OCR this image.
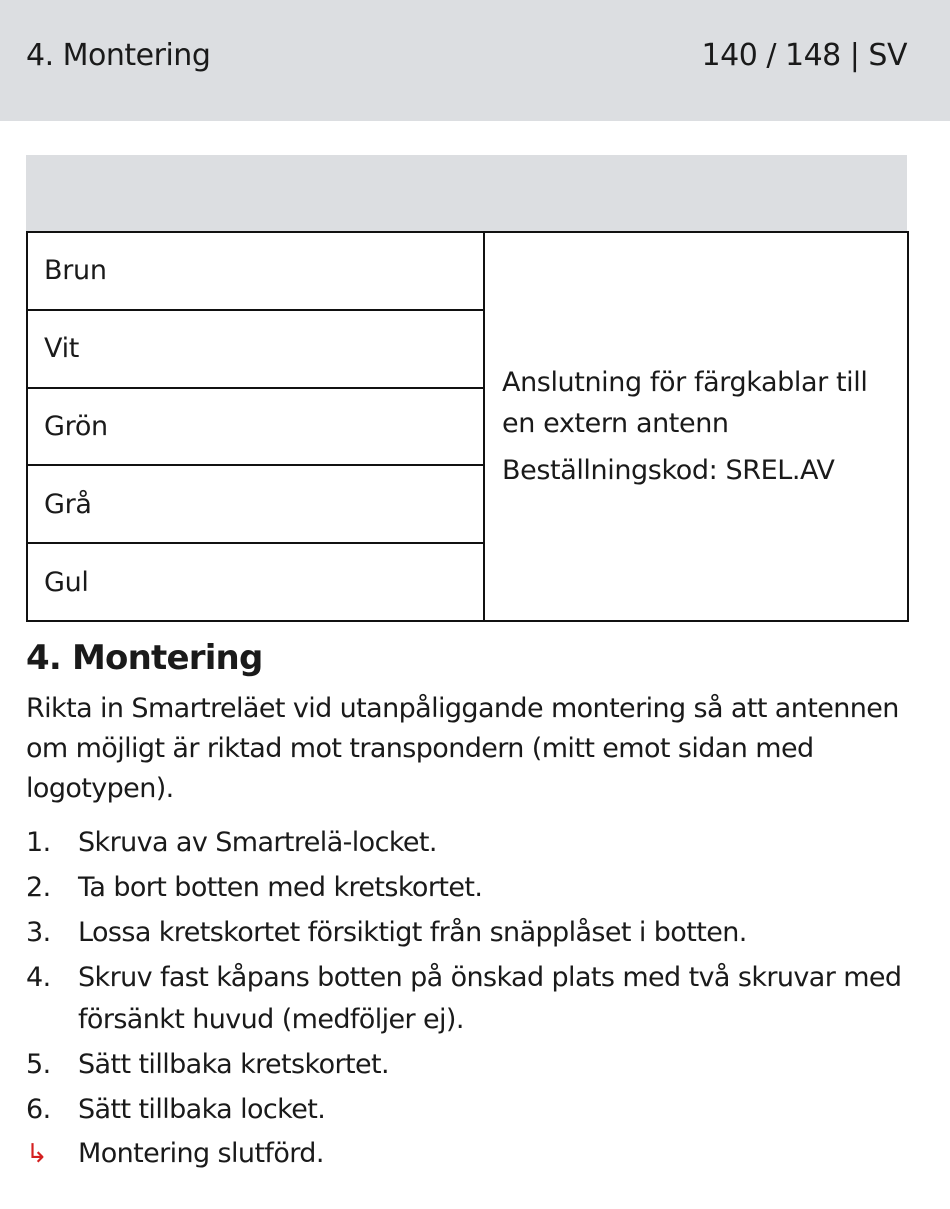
4. Montering	140 / 148 | SV
Brun	Anslutning för färgkablar till en extern antenn
Beställningskod: SREL.AV

Vit
Grön
Grå
Gul
4. Montering

Rikta in Smartreläet vid utanpåliggande montering så att antennen om möjligt är riktad mot transpondern (mitt emot sidan med logotypen).

1. Skruva av Smartrelä-locket.
2. Ta bort botten med kretskortet.
3. Lossa kretskortet försiktigt från snäpplåset i botten.
4. Skruv fast kåpans botten på önskad plats med två skruvar med försänkt huvud (medföljer ej).
5. Sätt tillbaka kretskortet.
6. Sätt tillbaka locket.
↳ Montering slutförd.
